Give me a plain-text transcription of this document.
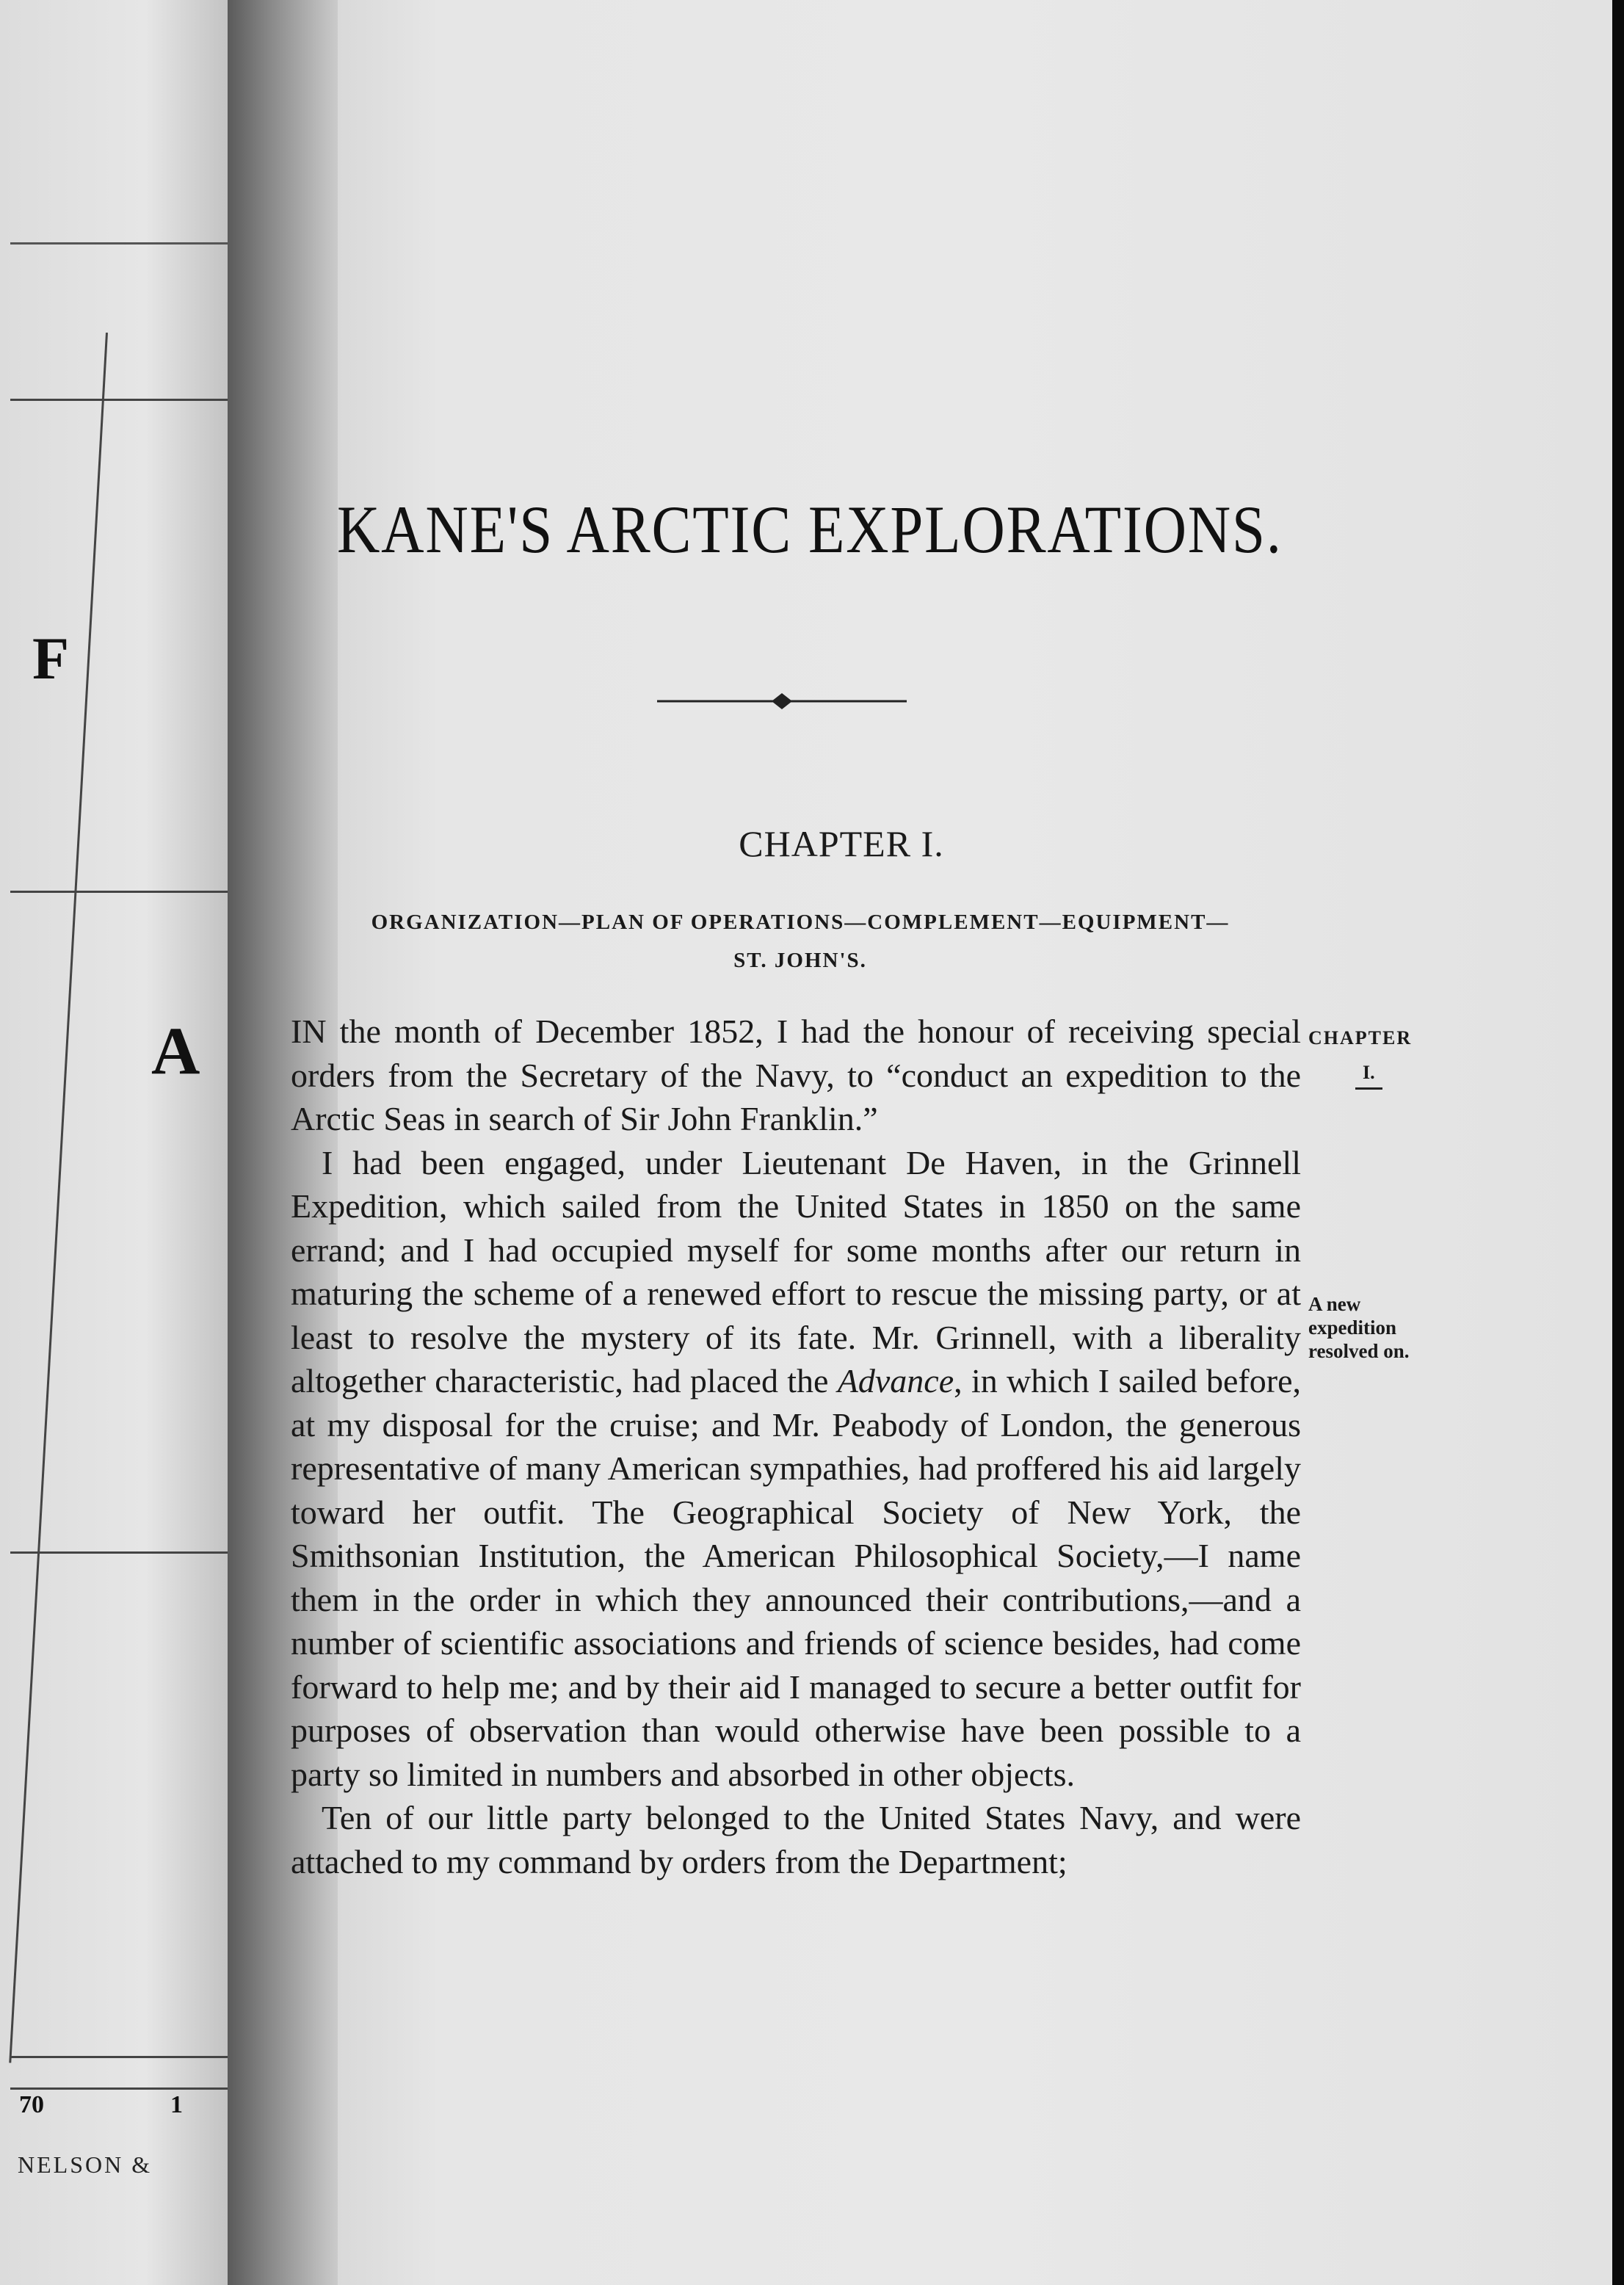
F
A
70	1
NELSON &
KANE'S ARCTIC EXPLORATIONS.
CHAPTER I.
ORGANIZATION—PLAN OF OPERATIONS—COMPLEMENT—EQUIPMENT—
ST. JOHN'S.

IN the month of December 1852, I had the honour of receiving special orders from the Secretary of the Navy, to “conduct an expedition to the Arctic Seas in search of Sir John Franklin.”

I had been engaged, under Lieutenant De Haven, in the Grinnell Expedition, which sailed from the United States in 1850 on the same errand; and I had occupied myself for some months after our return in maturing the scheme of a renewed effort to rescue the missing party, or at least to resolve the mystery of its fate. Mr. Grinnell, with a liberality altogether characteristic, had placed the Advance, in which I sailed before, at my disposal for the cruise; and Mr. Peabody of London, the generous representative of many American sympathies, had proffered his aid largely toward her outfit. The Geographical Society of New York, the Smithsonian Institution, the American Philosophical Society,—I name them in the order in which they announced their contributions,—and a number of scientific associations and friends of science besides, had come forward to help me; and by their aid I managed to secure a better outfit for purposes of observation than would otherwise have been possible to a party so limited in numbers and absorbed in other objects.

Ten of our little party belonged to the United States Navy, and were attached to my command by orders from the Department;

CHAPTER
I.
A new expedition resolved on.
